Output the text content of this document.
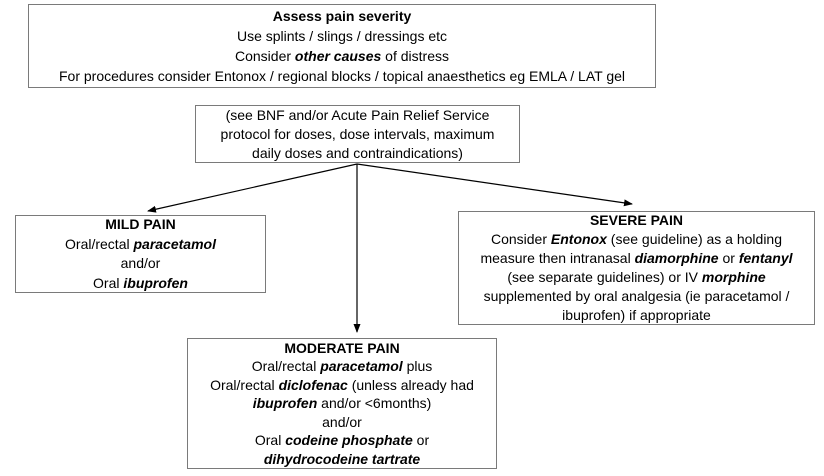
Assess pain severity
Use splints / slings / dressings etc
Consider other causes of distress
For procedures consider Entonox / regional blocks / topical anaesthetics eg EMLA / LAT gel
(see BNF and/or Acute Pain Relief Service
protocol for doses, dose intervals, maximum
daily doses and contraindications)
MILD PAIN
Oral/rectal paracetamol
and/or
Oral ibuprofen
SEVERE PAIN
Consider Entonox (see guideline) as a holding
measure then intranasal diamorphine or fentanyl
(see separate guidelines) or IV morphine
supplemented by oral analgesia (ie paracetamol /
ibuprofen) if appropriate
MODERATE PAIN
Oral/rectal paracetamol plus
Oral/rectal diclofenac (unless already had
ibuprofen and/or <6months)
and/or
Oral codeine phosphate or
dihydrocodeine tartrate
